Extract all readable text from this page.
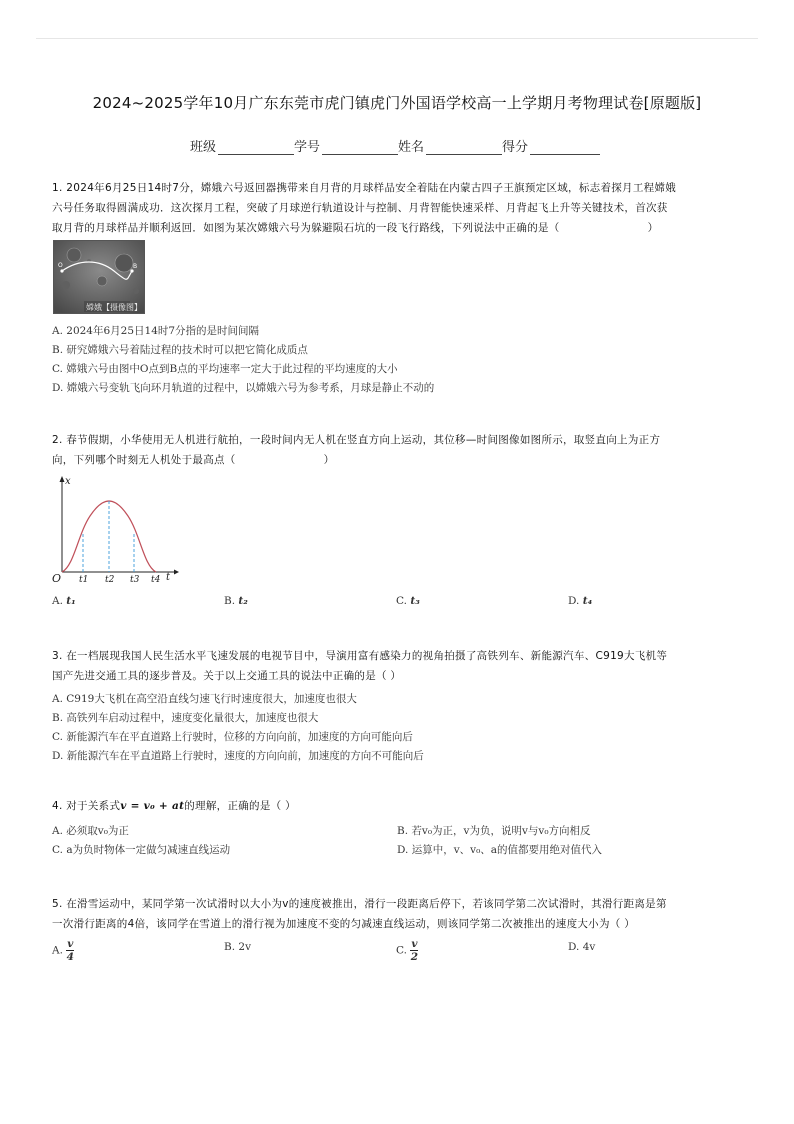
2024~2025学年10月广东东莞市虎门镇虎门外国语学校高一上学期月考物理试卷[原题版]
班级	学号	姓名	得分
1. 2024年6月25日14时7分，嫦娥六号返回器携带来自月背的月球样品安全着陆在内蒙古四子王旗预定区域，标志着探月工程嫦娥
六号任务取得圆满成功．这次探月工程，突破了月球逆行轨道设计与控制、月背智能快速采样、月背起飞上升等关键技术，首次获
取月背的月球样品并顺利返回．如图为某次嫦娥六号为躲避陨石坑的一段飞行路线，下列说法中正确的是（	）
O	B
嫦娥【摄像图】
A. 2024年6月25日14时7分指的是时间间隔
B. 研究嫦娥六号着陆过程的技术时可以把它简化成质点
C. 嫦娥六号由图中O点到B点的平均速率一定大于此过程的平均速度的大小
D. 嫦娥六号变轨飞向环月轨道的过程中，以嫦娥六号为参考系，月球是静止不动的
2. 春节假期，小华使用无人机进行航拍，一段时间内无人机在竖直方向上运动，其位移—时间图像如图所示，取竖直向上为正方
向，下列哪个时刻无人机处于最高点（	）
x
t
O t1 t2 t3 t4
A. t₁	B. t₂	C. t₃	D. t₄
3. 在一档展现我国人民生活水平飞速发展的电视节目中，导演用富有感染力的视角拍摄了高铁列车、新能源汽车、C919大飞机等
国产先进交通工具的逐步普及。关于以上交通工具的说法中正确的是（ ）
A. C919大飞机在高空沿直线匀速飞行时速度很大，加速度也很大
B. 高铁列车启动过程中，速度变化量很大，加速度也很大
C. 新能源汽车在平直道路上行驶时，位移的方向向前，加速度的方向可能向后
D. 新能源汽车在平直道路上行驶时，速度的方向向前，加速度的方向不可能向后
4. 对于关系式v = v₀ + at的理解，正确的是（ ）
A. 必须取v₀为正	B. 若v₀为正，v为负，说明v与v₀方向相反
C. a为负时物体一定做匀减速直线运动	D. 运算中，v、v₀、a的值都要用绝对值代入
5. 在滑雪运动中，某同学第一次试滑时以大小为v的速度被推出，滑行一段距离后停下，若该同学第二次试滑时，其滑行距离是第
一次滑行距离的4倍，该同学在雪道上的滑行视为加速度不变的匀减速直线运动，则该同学第二次被推出的速度大小为（ ）
A. $\frac{v}{4}$	B. 2v	C. $\frac{v}{2}$	D. 4v
